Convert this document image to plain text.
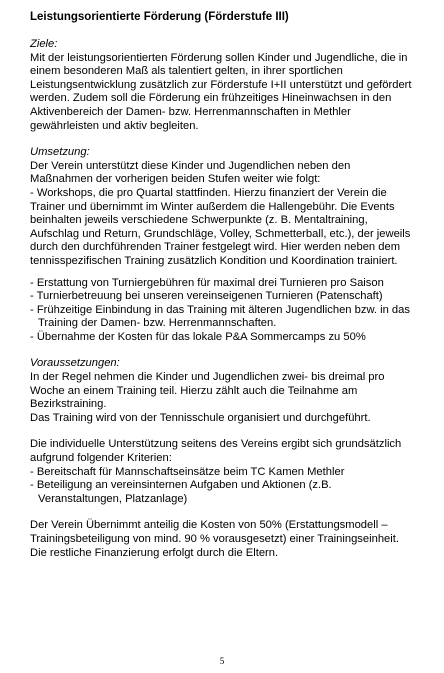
Leistungsorientierte Förderung (Förderstufe III)

Ziele:

Mit der leistungsorientierten Förderung sollen Kinder und Jugendliche, die in einem besonderen Maß als talentiert gelten, in ihrer sportlichen Leistungsentwicklung zusätzlich zur Förderstufe I+II unterstützt und gefördert werden. Zudem soll die Förderung ein frühzeitiges Hineinwachsen in den Aktivenbereich der Damen- bzw. Herrenmannschaften in Methler gewährleisten und aktiv begleiten.

Umsetzung:

Der Verein unterstützt diese Kinder und Jugendlichen neben den Maßnahmen der vorherigen beiden Stufen weiter wie folgt:

- Workshops, die pro Quartal stattfinden. Hierzu finanziert der Verein die Trainer und übernimmt im Winter außerdem die Hallengebühr. Die Events beinhalten jeweils verschiedene Schwerpunkte (z. B. Mentaltraining, Aufschlag und Return, Grundschläge, Volley, Schmetterball, etc.), der jeweils durch den durchführenden Trainer festgelegt wird. Hier werden neben dem tennisspezifischen Training zusätzlich Kondition und Koordination trainiert.

- Erstattung von Turniergebühren für maximal drei Turnieren pro Saison
- Turnierbetreuung bei unseren vereinseigenen Turnieren (Patenschaft)
- Frühzeitige Einbindung in das Training mit älteren Jugendlichen bzw. in das Training der Damen- bzw. Herrenmannschaften.
- Übernahme der Kosten für das lokale P&A Sommercamps zu 50%

Voraussetzungen:

In der Regel nehmen die Kinder und Jugendlichen zwei- bis dreimal pro Woche an einem Training teil. Hierzu zählt auch die Teilnahme am Bezirkstraining.

Das Training wird von der Tennisschule organisiert und durchgeführt.

Die individuelle Unterstützung seitens des Vereins ergibt sich grundsätzlich aufgrund folgender Kriterien:

- Bereitschaft für Mannschaftseinsätze beim TC Kamen Methler
- Beteiligung an vereinsinternen Aufgaben und Aktionen (z.B. Veranstaltungen, Platzanlage)

Der Verein Übernimmt anteilig die Kosten von 50% (Erstattungsmodell – Trainingsbeteiligung von mind. 90 % vorausgesetzt) einer Trainingseinheit. Die restliche Finanzierung erfolgt durch die Eltern.

5
